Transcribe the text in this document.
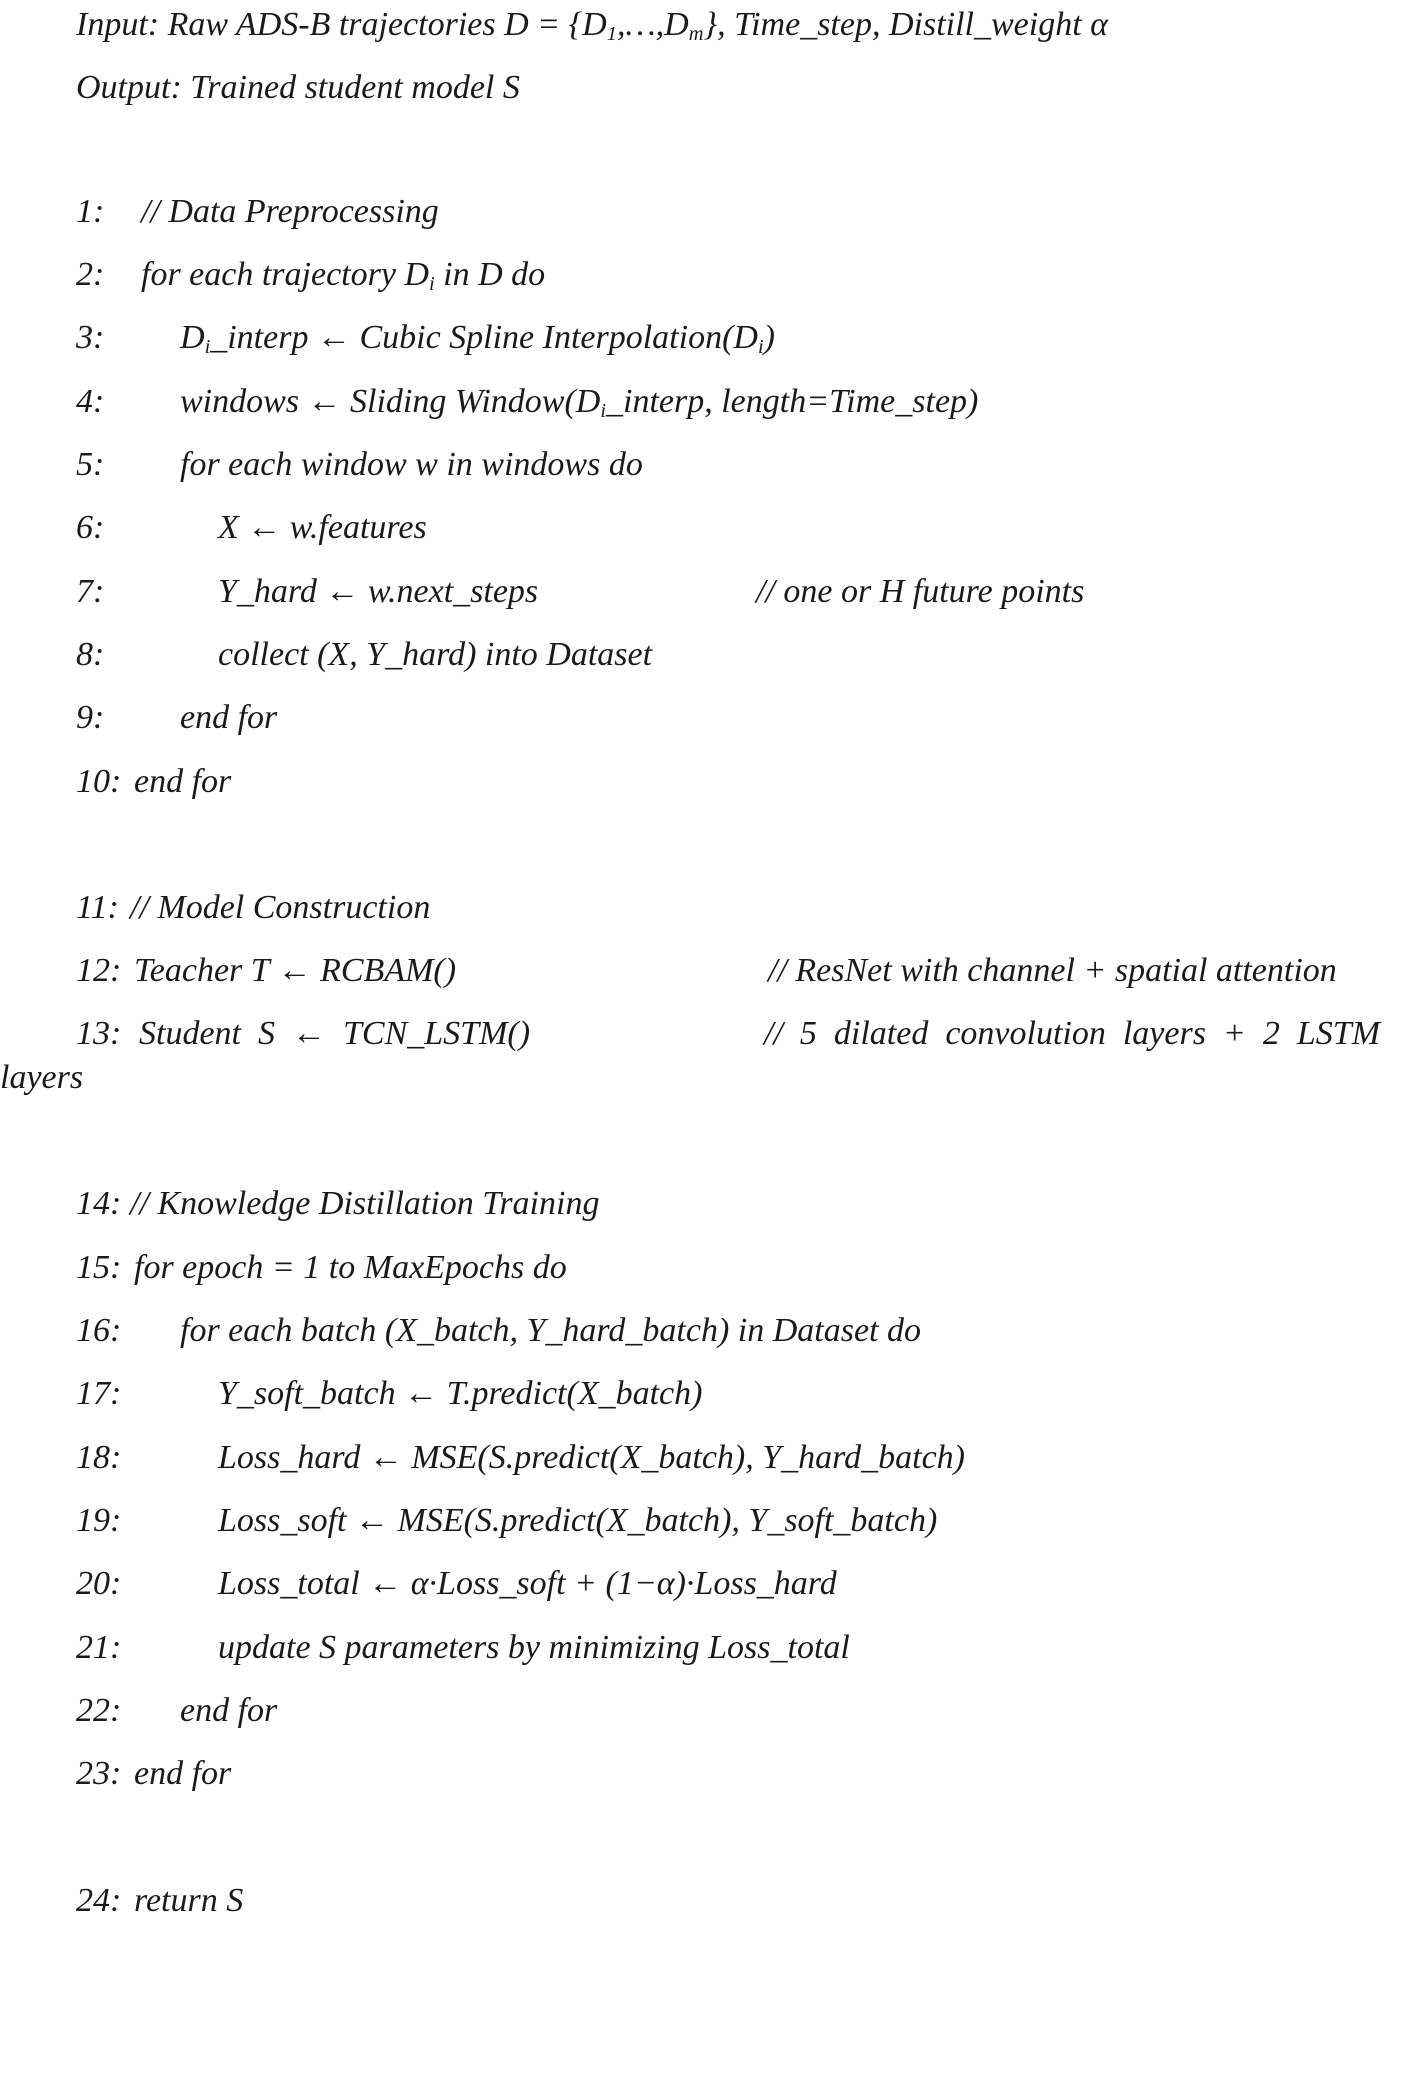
Input: Raw ADS-B trajectories $D = \{D_1,\dots,D_m\}$, Time_step, Distill_weight α

Output: Trained student model S

1:

// Data Preprocessing

2:

for each trajectory $D_i$ in D do

3:

$D_i\_interp$ ← Cubic Spline $Interpolation(D_i)$

4:

windows ← Sliding $Window(D_i\_interp$, length=Time_step)

5:

for each window w in windows do

6:

	X ← w.features

7:

	Y_hard ← w.next_steps

	// one or H future points

8:

	collect (X, Y_hard) into Dataset

9:

end for

10:

end for

11:

// Model Construction

12:

Teacher T ← RCBAM()

	// ResNet with channel + spatial attention

13:

Student  S  ←  TCN_LSTM()

	//  5  dilated  convolution  layers  +  2  LSTM

layers

14:

// Knowledge Distillation Training

15:

for epoch = 1 to MaxEpochs do

16:

for each batch (X_batch, Y_hard_batch) in Dataset do

17:

	Y_soft_batch ← T.predict(X_batch)

18:

	Loss_hard ← MSE(S.predict(X_batch), Y_hard_batch)

19:

	Loss_soft ← MSE(S.predict(X_batch), Y_soft_batch)

20:

	Loss_total ← α·Loss_soft + (1−α)·Loss_hard

21:

	update S parameters by minimizing Loss_total

22:

end for

23:

end for

24:

return S
